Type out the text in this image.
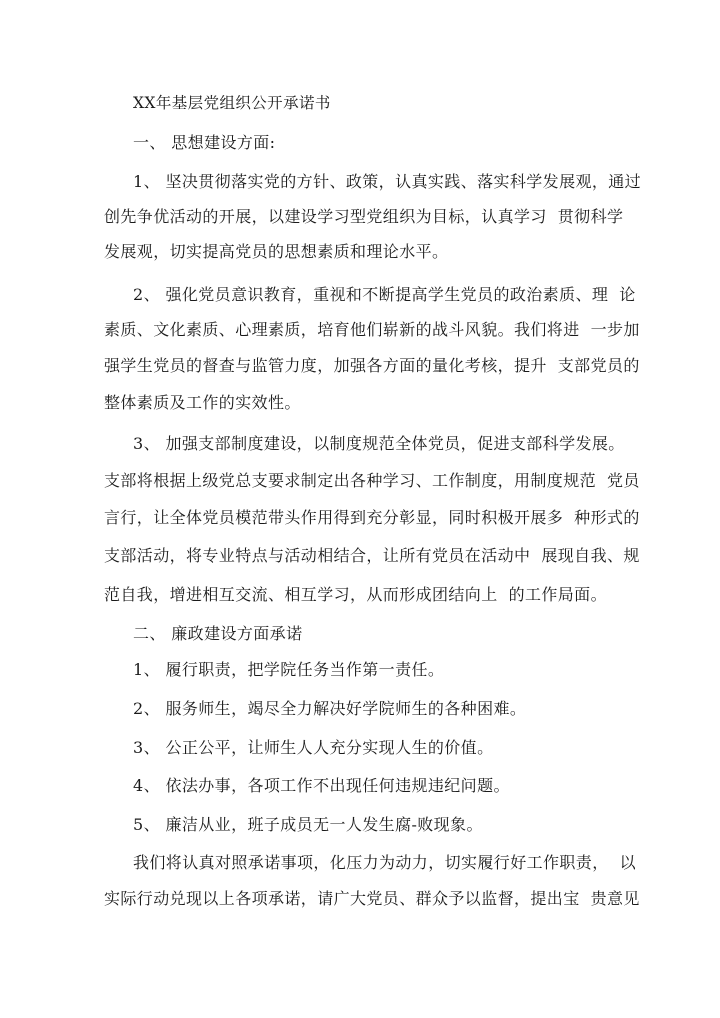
XX年基层党组织公开承诺书
一、 思想建设方面:
1、 坚决贯彻落实党的方针、政策，认真实践、落实科学发展观，通过
创先争优活动的开展，以建设学习型党组织为目标，认真学习  贯彻科学
发展观，切实提高党员的思想素质和理论水平。
2、 强化党员意识教育，重视和不断提高学生党员的政治素质、理  论
素质、文化素质、心理素质，培育他们崭新的战斗风貌。我们将进  一步加
强学生党员的督查与监管力度，加强各方面的量化考核，提升  支部党员的
整体素质及工作的实效性。
3、 加强支部制度建设，以制度规范全体党员，促进支部科学发展。
支部将根据上级党总支要求制定出各种学习、工作制度，用制度规范  党员
言行，让全体党员模范带头作用得到充分彰显，同时积极开展多  种形式的
支部活动，将专业特点与活动相结合，让所有党员在活动中  展现自我、规
范自我，增进相互交流、相互学习，从而形成团结向上  的工作局面。
二、 廉政建设方面承诺
1、 履行职责，把学院任务当作第一责任。
2、 服务师生，竭尽全力解决好学院师生的各种困难。
3、 公正公平，让师生人人充分实现人生的价值。
4、 依法办事，各项工作不出现任何违规违纪问题。
5、 廉洁从业，班子成员无一人发生腐-败现象。
我们将认真对照承诺事项，化压力为动力，切实履行好工作职责，  以
实际行动兑现以上各项承诺，请广大党员、群众予以监督，提出宝  贵意见
